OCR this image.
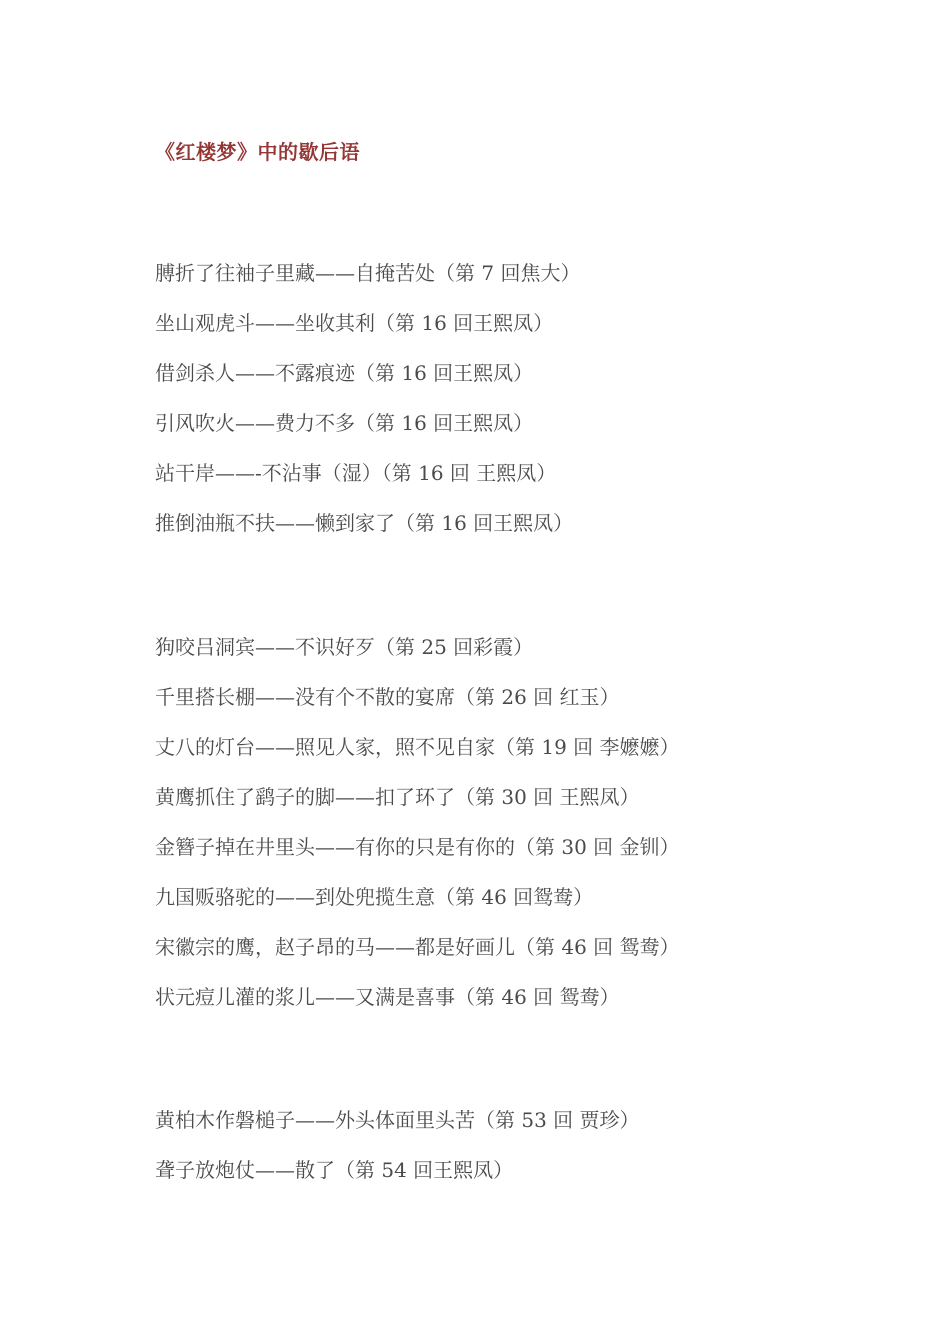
《红楼梦》中的歇后语
膊折了往袖子里藏——自掩苦处（第 7 回焦大）
坐山观虎斗——坐收其利（第 16 回王熙凤）
借剑杀人——不露痕迹（第 16 回王熙凤）
引风吹火——费力不多（第 16 回王熙凤）
站干岸——-不沾事（湿）（第 16 回 王熙凤）
推倒油瓶不扶——懒到家了（第 16 回王熙凤）
狗咬吕洞宾——不识好歹（第 25 回彩霞）
千里搭长棚——没有个不散的宴席（第 26 回 红玉）
丈八的灯台——照见人家，照不见自家（第 19 回 李嬷嬷）
黄鹰抓住了鹞子的脚——扣了环了（第 30 回 王熙凤）
金簪子掉在井里头——有你的只是有你的（第 30 回 金钏）
九国贩骆驼的——到处兜揽生意（第 46 回鸳鸯）
宋徽宗的鹰，赵子昂的马——都是好画儿（第 46 回 鸳鸯）
状元痘儿灌的浆儿——又满是喜事（第 46 回 鸳鸯）
黄柏木作磐槌子——外头体面里头苦（第 53 回 贾珍）
聋子放炮仗——散了（第 54 回王熙凤）
